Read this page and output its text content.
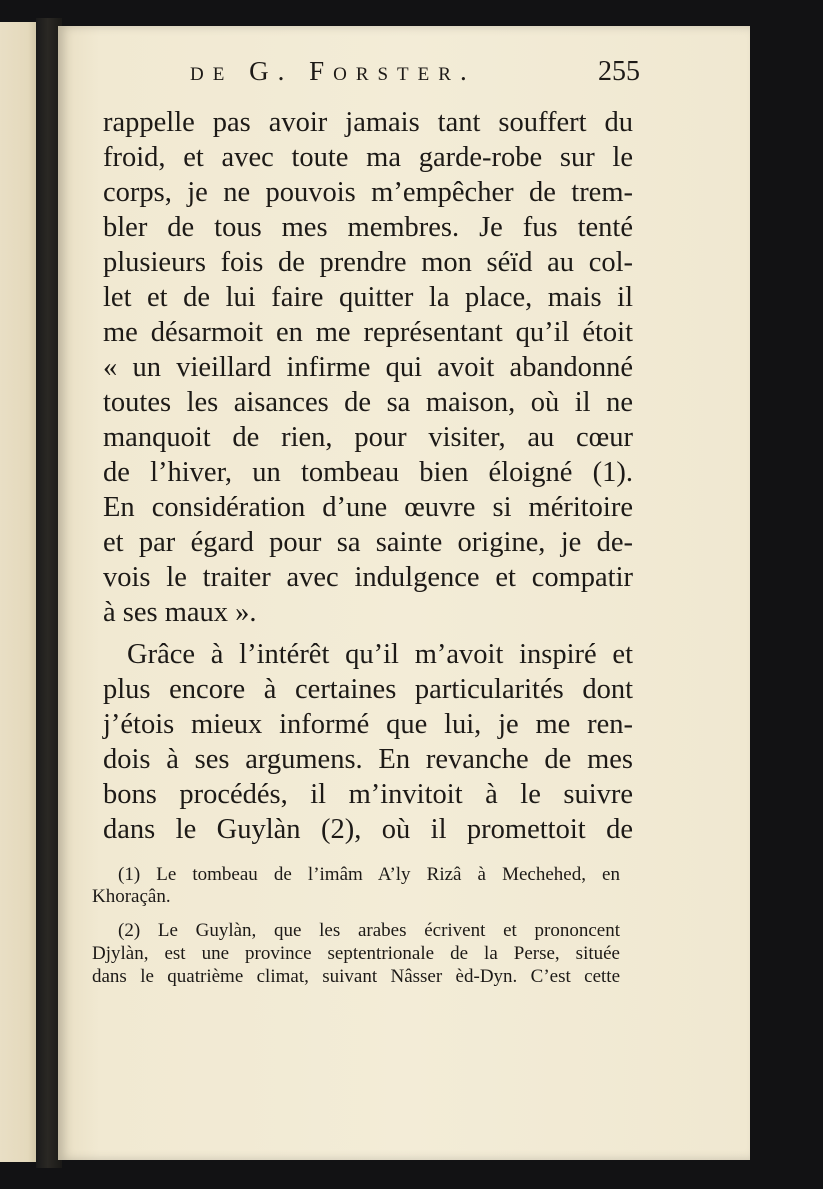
de G. Forster.	255
rappelle pas avoir jamais tant souffert du
froid, et avec toute ma garde-robe sur le
corps, je ne pouvois m’empêcher de trem-
bler de tous mes membres. Je fus tenté
plusieurs fois de prendre mon séïd au col-
let et de lui faire quitter la place, mais il
me désarmoit en me représentant qu’il étoit
« un vieillard infirme qui avoit abandonné
toutes les aisances de sa maison, où il ne
manquoit de rien, pour visiter, au cœur
de l’hiver, un tombeau bien éloigné (1).
En considération d’une œuvre si méritoire
et par égard pour sa sainte origine, je de-
vois le traiter avec indulgence et compatir
à ses maux ».
Grâce à l’intérêt qu’il m’avoit inspiré et
plus encore à certaines particularités dont
j’étois mieux informé que lui, je me ren-
dois à ses argumens. En revanche de mes
bons procédés, il m’invitoit à le suivre
dans le Guylàn (2), où il promettoit de
(1) Le tombeau de l’imâm A’ly Rizâ à Mechehed, en
Khoraçân.
(2) Le Guylàn, que les arabes écrivent et prononcent
Djylàn, est une province septentrionale de la Perse, située
dans le quatrième climat, suivant Nâsser èd-Dyn. C’est cette
